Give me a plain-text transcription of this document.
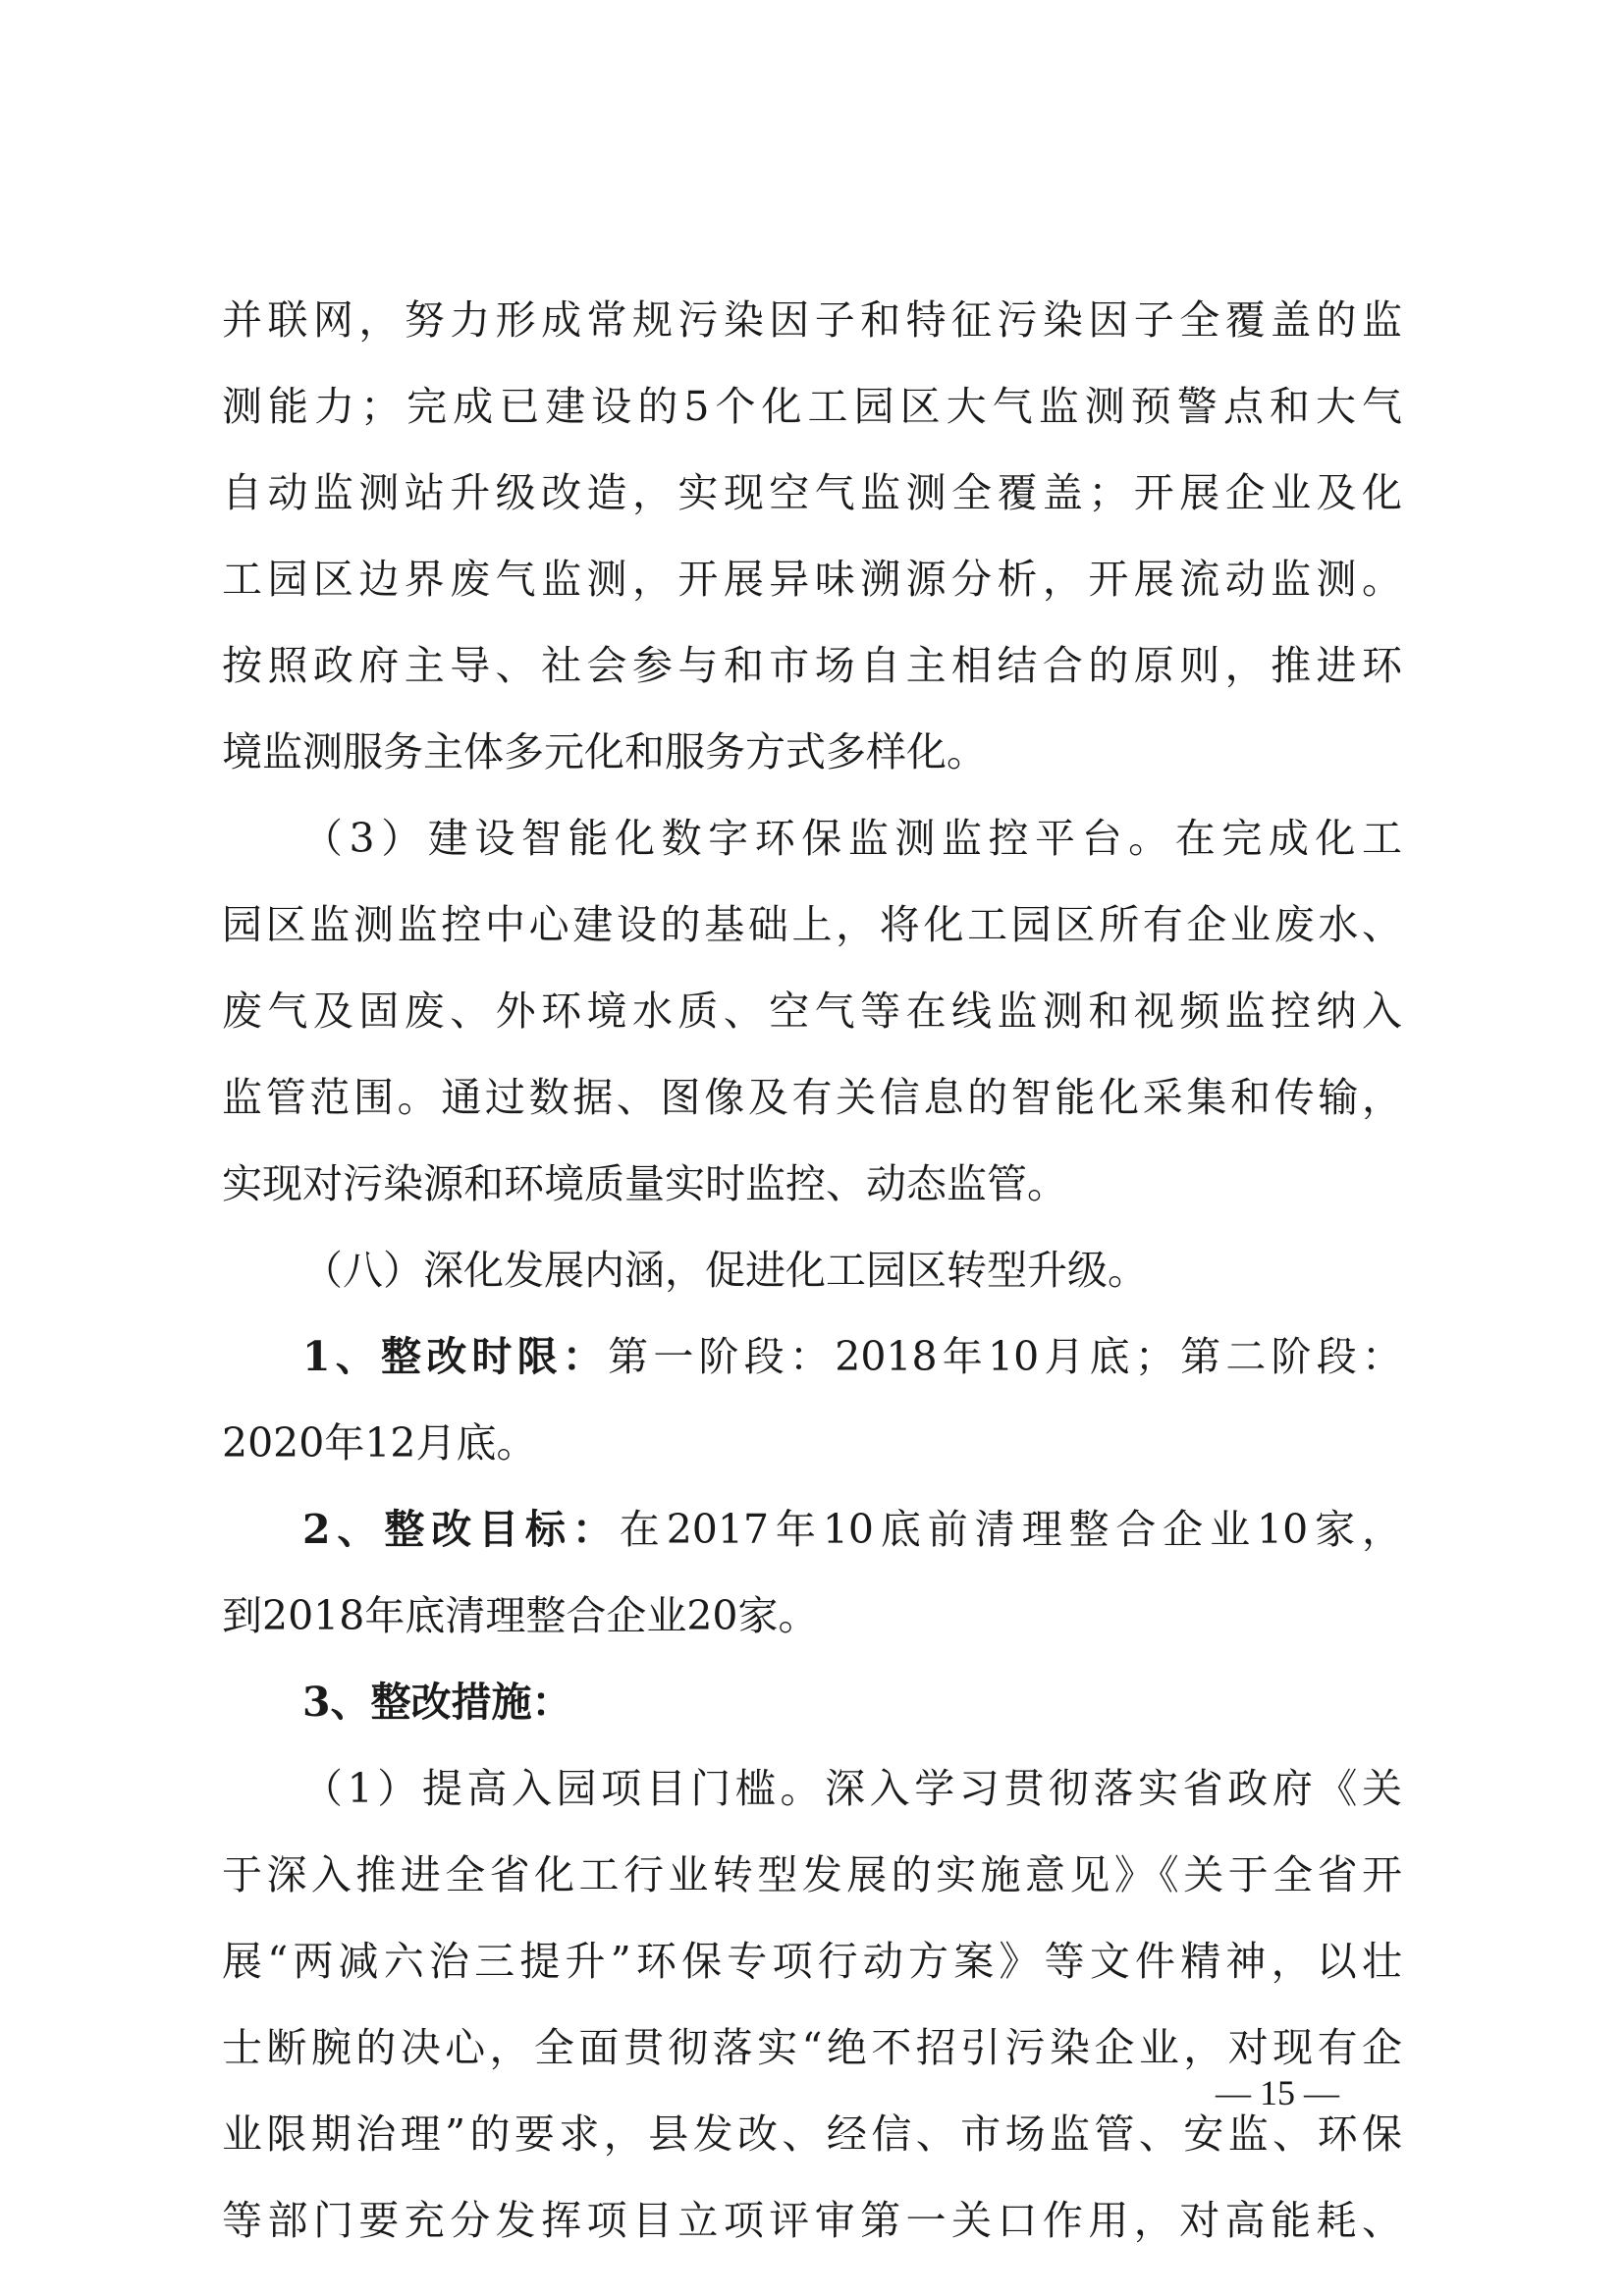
并联网，努力形成常规污染因子和特征污染因子全覆盖的监
测能力；完成已建设的5个化工园区大气监测预警点和大气
自动监测站升级改造，实现空气监测全覆盖；开展企业及化
工园区边界废气监测，开展异味溯源分析，开展流动监测。
按照政府主导、社会参与和市场自主相结合的原则，推进环
境监测服务主体多元化和服务方式多样化。
（3）建设智能化数字环保监测监控平台。在完成化工
园区监测监控中心建设的基础上，将化工园区所有企业废水、
废气及固废、外环境水质、空气等在线监测和视频监控纳入
监管范围。通过数据、图像及有关信息的智能化采集和传输，
实现对污染源和环境质量实时监控、动态监管。
（八）深化发展内涵，促进化工园区转型升级。
1、整改时限：第一阶段：2018年10月底；第二阶段：
2020年12月底。
2、整改目标：在2017年10底前清理整合企业10家，
到2018年底清理整合企业20家。
3、整改措施：
（1）提高入园项目门槛。深入学习贯彻落实省政府《关
于深入推进全省化工行业转型发展的实施意见》《关于全省开
展“两减六治三提升”环保专项行动方案》等文件精神，以壮
士断腕的决心，全面贯彻落实“绝不招引污染企业，对现有企
业限期治理”的要求，县发改、经信、市场监管、安监、环保
等部门要充分发挥项目立项评审第一关口作用，对高能耗、
— 15 —
